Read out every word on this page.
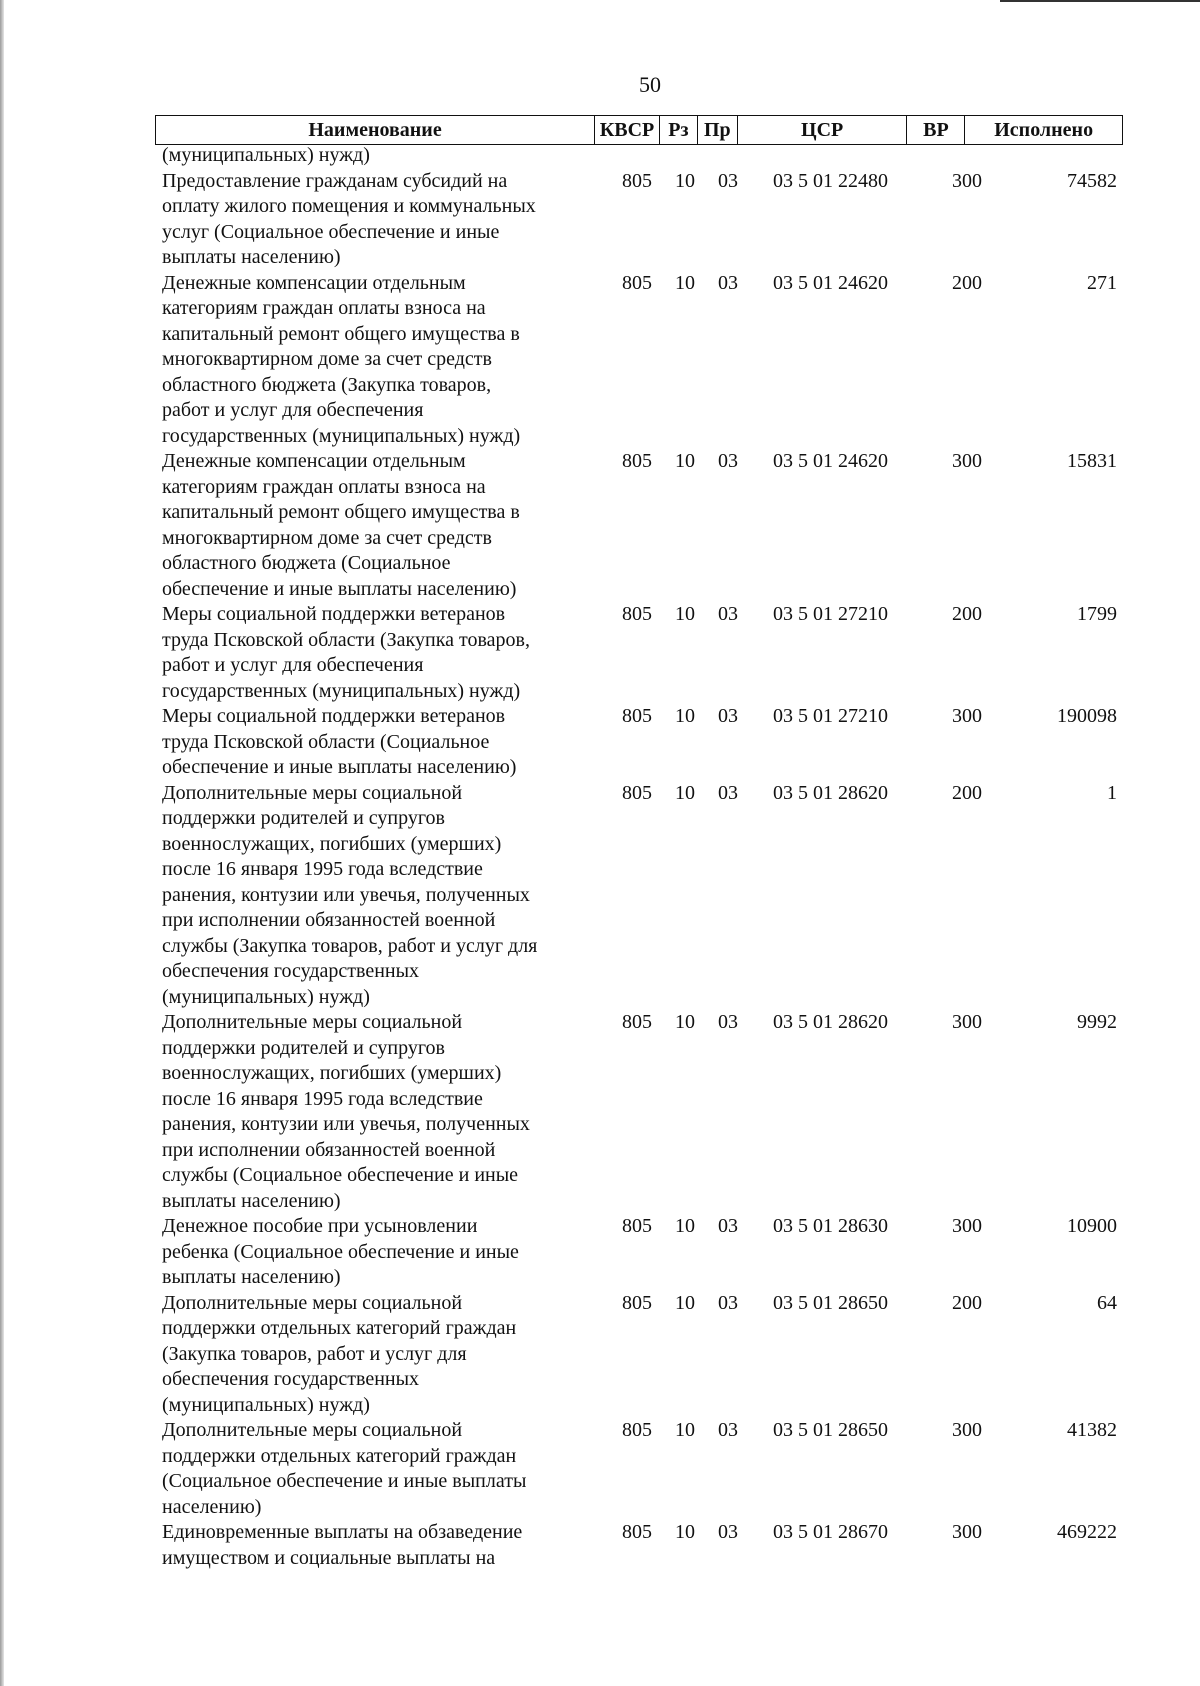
50
Наименование	КВСР Рз Пр	ЦСР	ВР	Исполнено
(муниципальных) нужд)
Предоставление гражданам субсидий на
оплату жилого помещения и коммунальных
услуг (Социальное обеспечение и иные
выплаты населению)
805	10	03	03 5 01 22480	300	74582
Денежные компенсации отдельным
категориям граждан оплаты взноса на
капитальный ремонт общего имущества в
многоквартирном доме за счет средств
областного бюджета (Закупка товаров,
работ и услуг для обеспечения
государственных (муниципальных) нужд)
805	10	03	03 5 01 24620	200	271
Денежные компенсации отдельным
категориям граждан оплаты взноса на
капитальный ремонт общего имущества в
многоквартирном доме за счет средств
областного бюджета (Социальное
обеспечение и иные выплаты населению)
805	10	03	03 5 01 24620	300	15831
Меры социальной поддержки ветеранов
труда Псковской области (Закупка товаров,
работ и услуг для обеспечения
государственных (муниципальных) нужд)
805	10	03	03 5 01 27210	200	1799
Меры социальной поддержки ветеранов
труда Псковской области (Социальное
обеспечение и иные выплаты населению)
805	10	03	03 5 01 27210	300	190098
Дополнительные меры социальной
поддержки родителей и супругов
военнослужащих, погибших (умерших)
после 16 января 1995 года вследствие
ранения, контузии или увечья, полученных
при исполнении обязанностей военной
службы (Закупка товаров, работ и услуг для
обеспечения государственных
(муниципальных) нужд)
805	10	03	03 5 01 28620	200	1
Дополнительные меры социальной
поддержки родителей и супругов
военнослужащих, погибших (умерших)
после 16 января 1995 года вследствие
ранения, контузии или увечья, полученных
при исполнении обязанностей военной
службы (Социальное обеспечение и иные
выплаты населению)
805	10	03	03 5 01 28620	300	9992
Денежное пособие при усыновлении
ребенка (Социальное обеспечение и иные
выплаты населению)
805	10	03	03 5 01 28630	300	10900
Дополнительные меры социальной
поддержки отдельных категорий граждан
(Закупка товаров, работ и услуг для
обеспечения государственных
(муниципальных) нужд)
805	10	03	03 5 01 28650	200	64
Дополнительные меры социальной
поддержки отдельных категорий граждан
(Социальное обеспечение и иные выплаты
населению)
805	10	03	03 5 01 28650	300	41382
Единовременные выплаты на обзаведение
имуществом и социальные выплаты на
805	10	03	03 5 01 28670	300	469222
